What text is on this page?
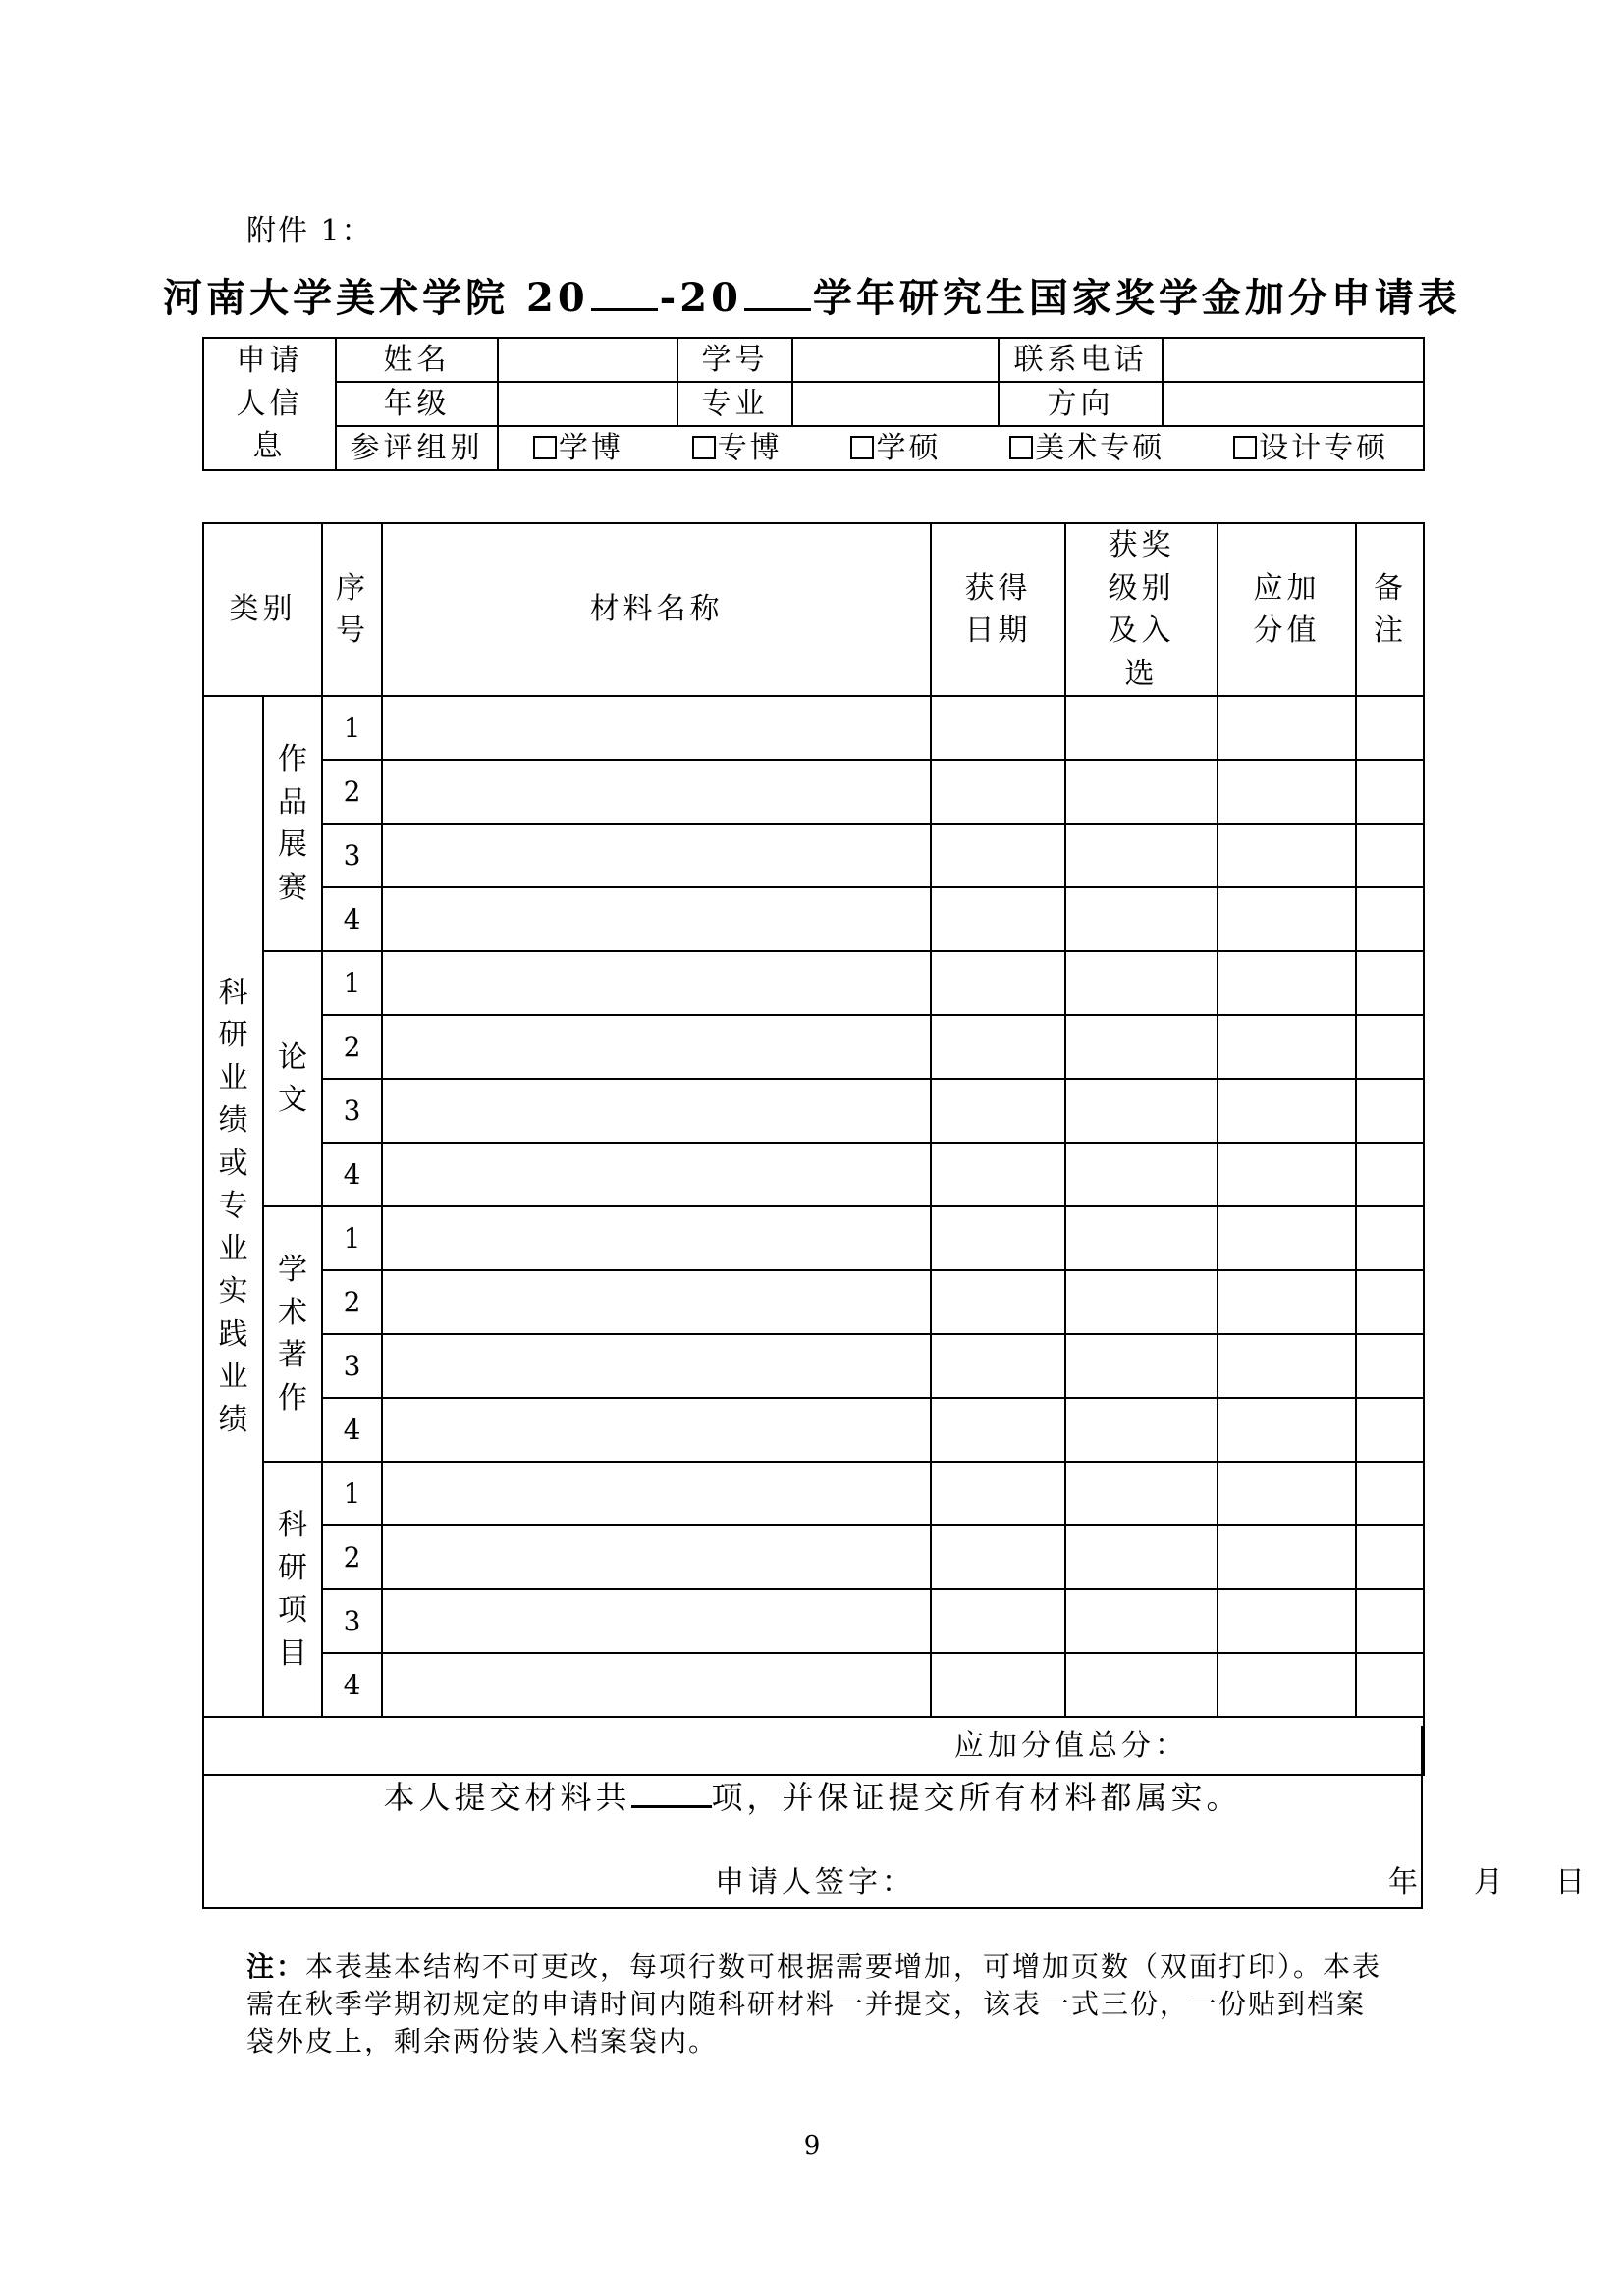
附件 1：
河南大学美术学院 20 -20 学年研究生国家奖学金加分申请表
申请人信息	姓名		学号		联系电话	
	年级		专业		方向	
	参评组别	学博 专博 学硕 美术专硕 设计专硕				
类别		序号	材料名称	获得日期	获奖级别及入选	应加分值	备注
科研业绩或专业实践业绩	作品展赛	1					
		2					
		3					
		4					
	论文	1					
		2					
		3					
		4					
	学术著作	1					
		2					
		3					
		4					
	科研项目	1					
		2					
		3					
		4					
应加分值总分：							
本人提交材料共	项，并保证提交所有材料都属实。
申请人签字：	年 月 日
注：本表基本结构不可更改，每项行数可根据需要增加，可增加页数（双面打印）。本表需在秋季学期初规定的申请时间内随科研材料一并提交，该表一式三份，一份贴到档案袋外皮上，剩余两份装入档案袋内。
9
